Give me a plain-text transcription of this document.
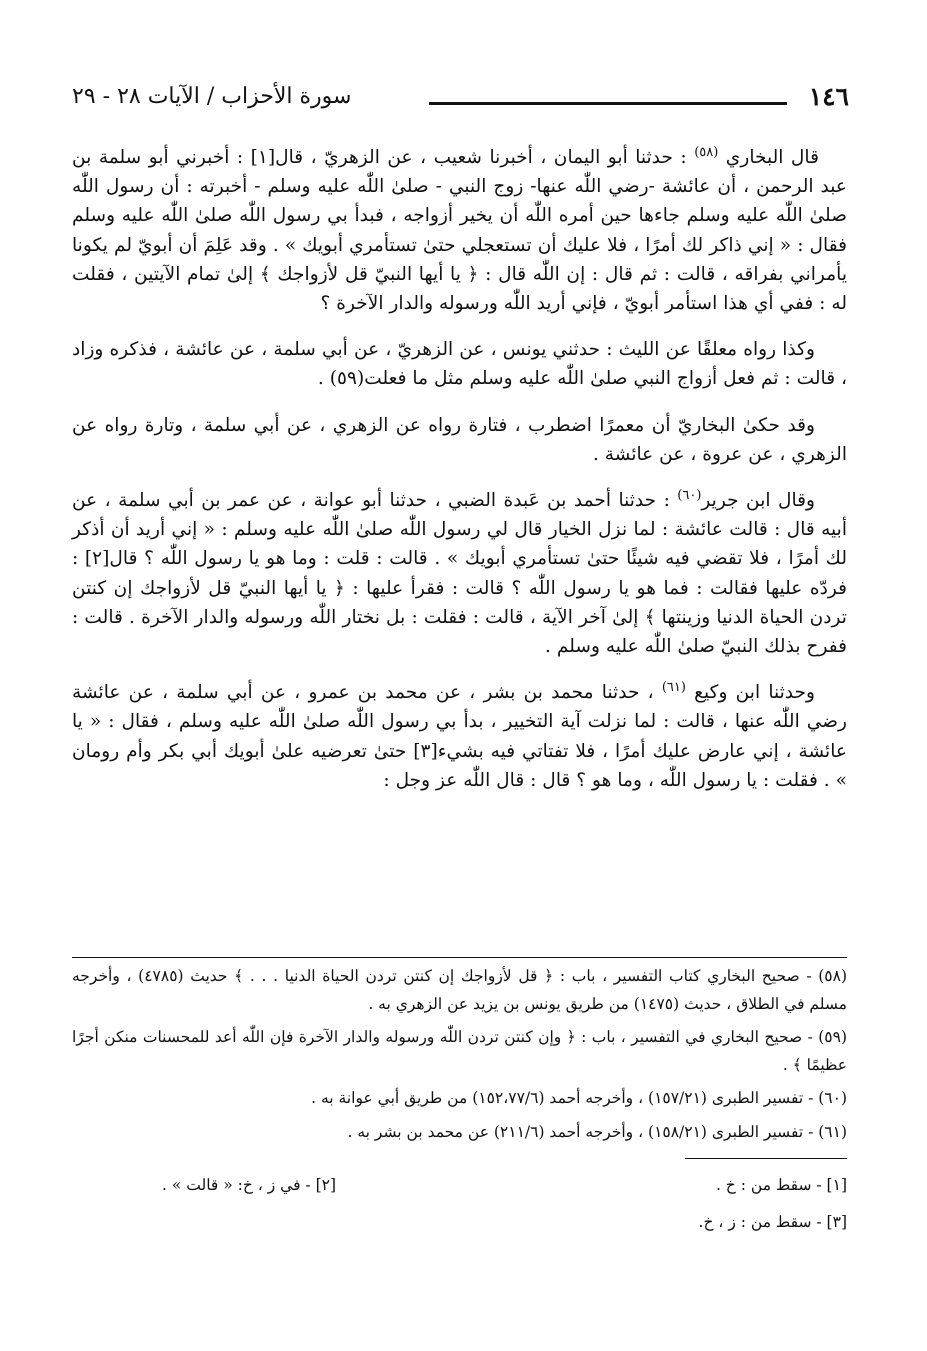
١٤٦
سورة الأحزاب / الآيات ٢٨ - ٢٩

قال البخاري $^{(٥٨)}$ : حدثنا أبو اليمان ، أخبرنا شعيب ، عن الزهريّ ، قال[١] : أخبرني أبو سلمة بن عبد الرحمن ، أن عائشة -رضي اللّٰه عنها- زوج النبي - صلىٰ اللّٰه عليه وسلم - أخبرته : أن رسول اللّٰه صلىٰ اللّٰه عليه وسلم جاءها حين أمره اللّٰه أن يخير أزواجه ، فبدأ بي رسول اللّٰه صلىٰ اللّٰه عليه وسلم فقال : « إني ذاكر لك أمرًا ، فلا عليك أن تستعجلي حتىٰ تستأمري أبويك » . وقد عَلِمَ أن أبويّ لم يكونا يأمراني بفراقه ، قالت : ثم قال : إن اللّٰه قال : ﴿ يا أيها النبيّ قل لأزواجك ﴾ إلىٰ تمام الآيتين ، فقلت له : ففي أي هذا استأمر أبويّ ، فإني أريد اللّٰه ورسوله والدار الآخرة ؟

وكذا رواه معلقًا عن الليث : حدثني يونس ، عن الزهريّ ، عن أبي سلمة ، عن عائشة ، فذكره وزاد ، قالت : ثم فعل أزواج النبي صلىٰ اللّٰه عليه وسلم مثل ما فعلت(٥٩) .

وقد حكىٰ البخاريّ أن معمرًا اضطرب ، فتارة رواه عن الزهري ، عن أبي سلمة ، وتارة رواه عن الزهري ، عن عروة ، عن عائشة .

وقال ابن جرير$^{(٦٠)}$ : حدثنا أحمد بن عَبدة الضبي ، حدثنا أبو عوانة ، عن عمر بن أبي سلمة ، عن أبيه قال : قالت عائشة : لما نزل الخيار قال لي رسول اللّٰه صلىٰ اللّٰه عليه وسلم : « إني أريد أن أذكر لك أمرًا ، فلا تقضي فيه شيئًا حتىٰ تستأمري أبويك » . قالت : قلت : وما هو يا رسول اللّٰه ؟ قال[٢] : فردّه عليها فقالت : فما هو يا رسول اللّٰه ؟ قالت : فقرأ عليها : ﴿ يا أيها النبيّ قل لأزواجك إن كنتن تردن الحياة الدنيا وزينتها ﴾ إلىٰ آخر الآية ، قالت : فقلت : بل نختار اللّٰه ورسوله والدار الآخرة . قالت : ففرح بذلك النبيّ صلىٰ اللّٰه عليه وسلم .

وحدثنا ابن وكيع $^{(٦١)}$ ، حدثنا محمد بن بشر ، عن محمد بن عمرو ، عن أبي سلمة ، عن عائشة رضي اللّٰه عنها ، قالت : لما نزلت آية التخيير ، بدأ بي رسول اللّٰه صلىٰ اللّٰه عليه وسلم ، فقال : « يا عائشة ، إني عارض عليك أمرًا ، فلا تفتاتي فيه بشيء[٣] حتىٰ تعرضيه علىٰ أبويك أبي بكر وأم رومان » . فقلت : يا رسول اللّٰه ، وما هو ؟ قال : قال اللّٰه عز وجل :

(٥٨) - صحيح البخاري كتاب التفسير ، باب : ﴿ قل لأزواجك إن كنتن تردن الحياة الدنيا . . . ﴾ حديث (٤٧٨٥) ، وأخرجه مسلم في الطلاق ، حديث (١٤٧٥) من طريق يونس بن يزيد عن الزهري به .
(٥٩) - صحيح البخاري في التفسير ، باب : ﴿ وإن كنتن تردن اللّٰه ورسوله والدار الآخرة فإن اللّٰه أعد للمحسنات منكن أجرًا عظيمًا ﴾ .
(٦٠) - تفسير الطبرى (١٥٧/٢١) ، وأخرجه أحمد (١٥٢،٧٧/٦) من طريق أبي عوانة به .
(٦١) - تفسير الطبرى (١٥٨/٢١) ، وأخرجه أحمد (٢١١/٦) عن محمد بن بشر به .
[١] - سقط من : خ .
[٢] - في ز ، خ: « قالت » .
[٣] - سقط من : ز ، خ.
